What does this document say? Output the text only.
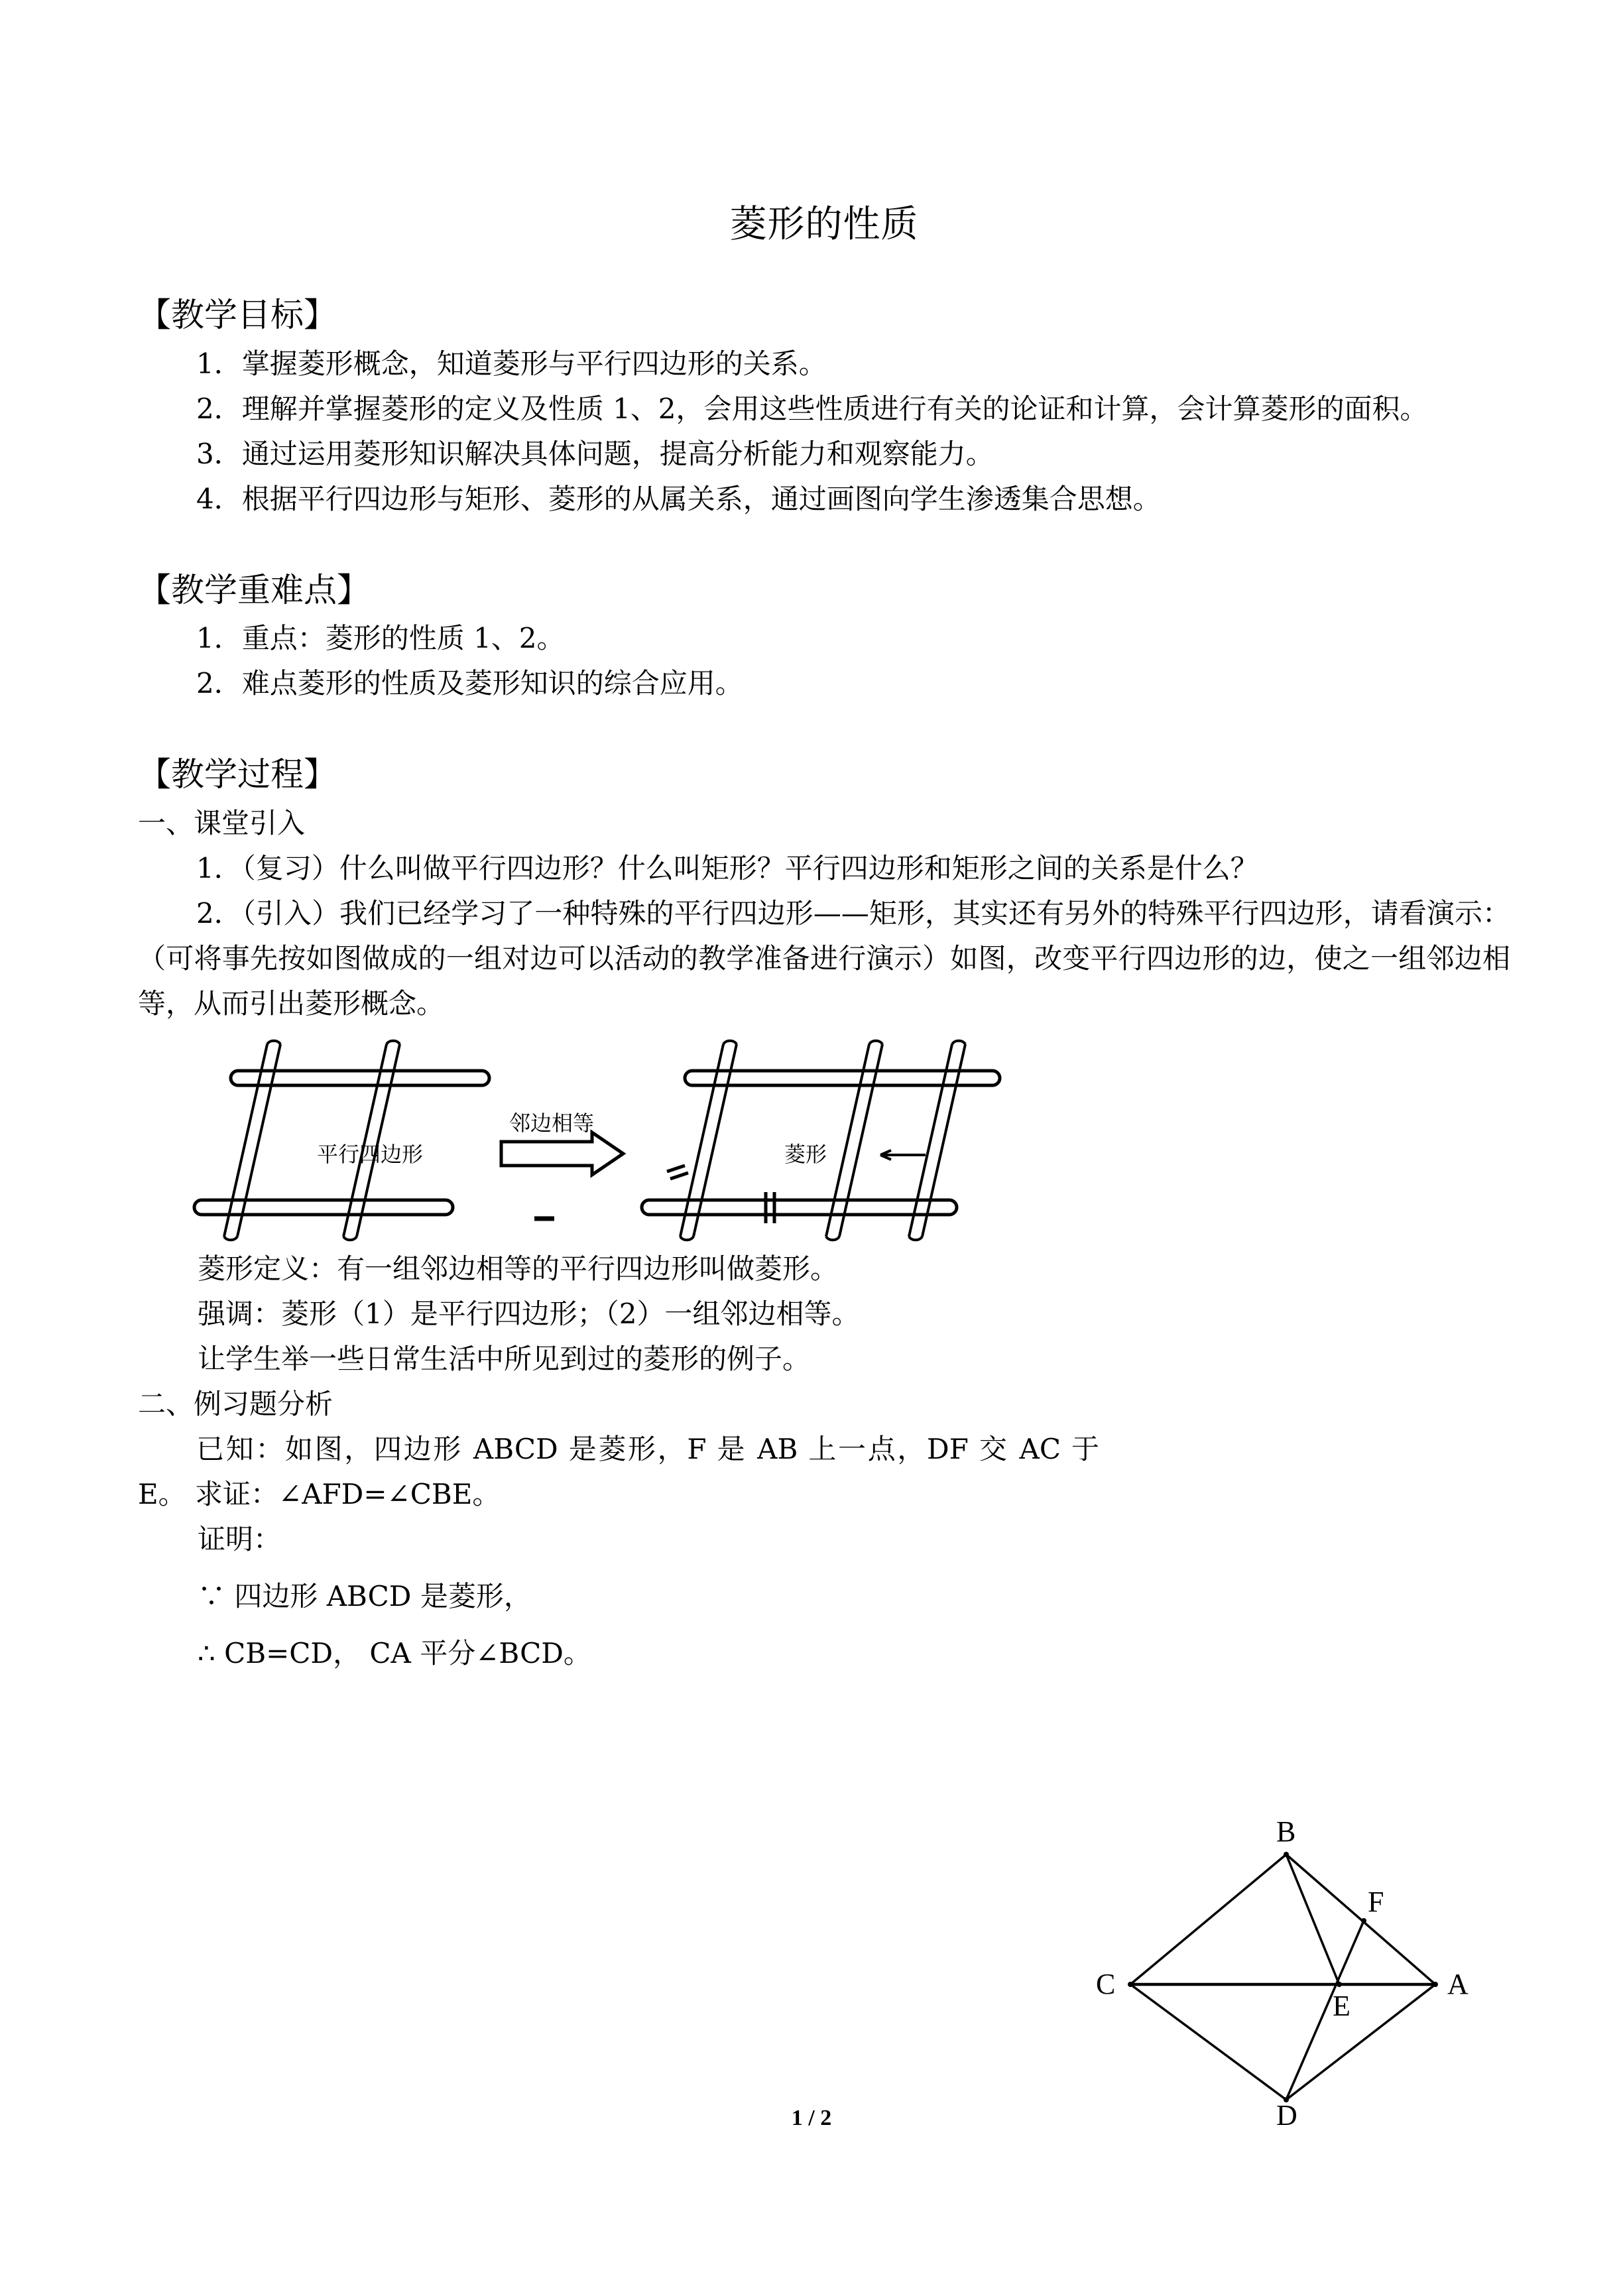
菱形的性质
【教学目标】

1．掌握菱形概念，知道菱形与平行四边形的关系。

2．理解并掌握菱形的定义及性质 1、2，会用这些性质进行有关的论证和计算，会计算菱形的面积。

3．通过运用菱形知识解决具体问题，提高分析能力和观察能力。

4．根据平行四边形与矩形、菱形的从属关系，通过画图向学生渗透集合思想。

【教学重难点】

1．重点：菱形的性质 1、2。

2．难点菱形的性质及菱形知识的综合应用。

【教学过程】

一、课堂引入

1．（复习）什么叫做平行四边形？什么叫矩形？平行四边形和矩形之间的关系是什么？

2．（引入）我们已经学习了一种特殊的平行四边形——矩形，其实还有另外的特殊平行四边形，请看演示：（可将事先按如图做成的一组对边可以活动的教学准备进行演示）如图，改变平行四边形的边，使之一组邻边相等，从而引出菱形概念。

平行四边形
邻边相等
菱形

菱形定义：有一组邻边相等的平行四边形叫做菱形。

强调：菱形（1）是平行四边形；（2）一组邻边相等。

让学生举一些日常生活中所见到过的菱形的例子。

二、例习题分析

已知：如图，四边形 ABCD 是菱形，F 是 AB 上一点，DF 交 AC 于 E。 求证：∠AFD=∠CBE。

证明：

∵ 四边形 ABCD 是菱形，

∴ CB=CD， CA 平分∠BCD。

B
F
C	A
E
D
1 / 2
